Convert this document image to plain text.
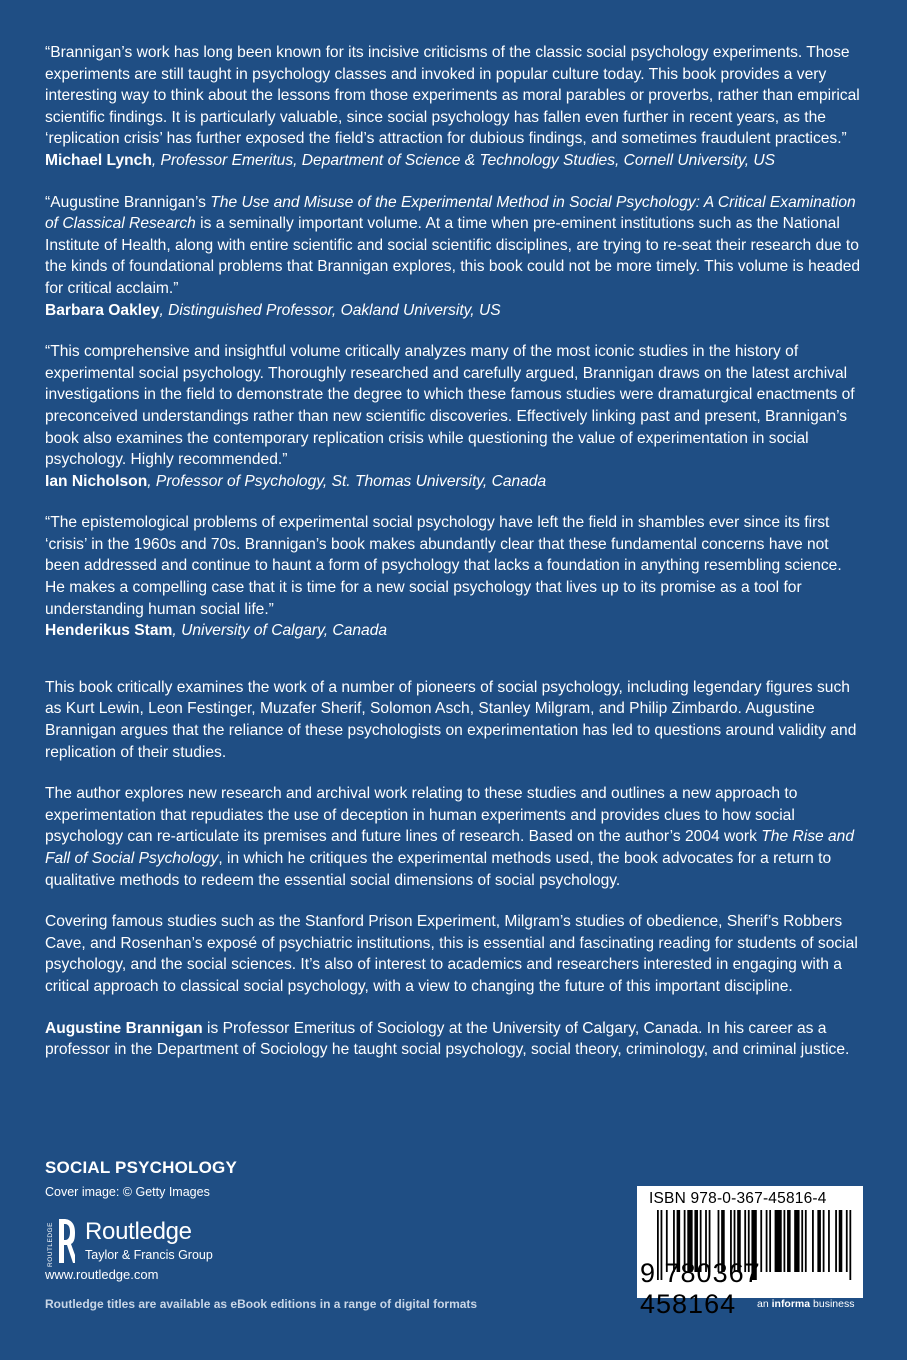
“Brannigan’s work has long been known for its incisive criticisms of the classic social psychology experiments. Those experiments are still taught in psychology classes and invoked in popular culture today. This book provides a very interesting way to think about the lessons from those experiments as moral parables or proverbs, rather than empirical scientific findings. It is particularly valuable, since social psychology has fallen even further in recent years, as the ‘replication crisis’ has further exposed the field’s attraction for dubious findings, and sometimes fraudulent practices.”

Michael Lynch, Professor Emeritus, Department of Science & Technology Studies, Cornell University, US

“Augustine Brannigan’s The Use and Misuse of the Experimental Method in Social Psychology: A Critical Examination of Classical Research is a seminally important volume. At a time when pre-eminent institutions such as the National Institute of Health, along with entire scientific and social scientific disciplines, are trying to re-seat their research due to the kinds of foundational problems that Brannigan explores, this book could not be more timely. This volume is headed for critical acclaim.”

Barbara Oakley, Distinguished Professor, Oakland University, US

“This comprehensive and insightful volume critically analyzes many of the most iconic studies in the history of experimental social psychology. Thoroughly researched and carefully argued, Brannigan draws on the latest archival investigations in the field to demonstrate the degree to which these famous studies were dramaturgical enactments of preconceived understandings rather than new scientific discoveries. Effectively linking past and present, Brannigan’s book also examines the contemporary replication crisis while questioning the value of experimentation in social psychology. Highly recommended.”

Ian Nicholson, Professor of Psychology, St. Thomas University, Canada

“The epistemological problems of experimental social psychology have left the field in shambles ever since its first ‘crisis’ in the 1960s and 70s. Brannigan’s book makes abundantly clear that these fundamental concerns have not been addressed and continue to haunt a form of psychology that lacks a foundation in anything resembling science. He makes a compelling case that it is time for a new social psychology that lives up to its promise as a tool for understanding human social life.”

Henderikus Stam, University of Calgary, Canada

This book critically examines the work of a number of pioneers of social psychology, including legendary figures such as Kurt Lewin, Leon Festinger, Muzafer Sherif, Solomon Asch, Stanley Milgram, and Philip Zimbardo. Augustine Brannigan argues that the reliance of these psychologists on experimentation has led to questions around validity and replication of their studies.

The author explores new research and archival work relating to these studies and outlines a new approach to experimentation that repudiates the use of deception in human experiments and provides clues to how social psychology can re-articulate its premises and future lines of research. Based on the author’s 2004 work The Rise and Fall of Social Psychology, in which he critiques the experimental methods used, the book advocates for a return to qualitative methods to redeem the essential social dimensions of social psychology.

Covering famous studies such as the Stanford Prison Experiment, Milgram’s studies of obedience, Sherif’s Robbers Cave, and Rosenhan’s exposé of psychiatric institutions, this is essential and fascinating reading for students of social psychology, and the social sciences. It’s also of interest to academics and researchers interested in engaging with a critical approach to classical social psychology, with a view to changing the future of this important discipline.

Augustine Brannigan is Professor Emeritus of Sociology at the University of Calgary, Canada. In his career as a professor in the Department of Sociology he taught social psychology, social theory, criminology, and criminal justice.

SOCIAL PSYCHOLOGY
Cover image: © Getty Images
ROUTLEDGE Routledge
Taylor & Francis Group
www.routledge.com
Routledge titles are available as eBook editions in a range of digital formats
ISBN 978-0-367-45816-4
9 780367 458164	an informa business
